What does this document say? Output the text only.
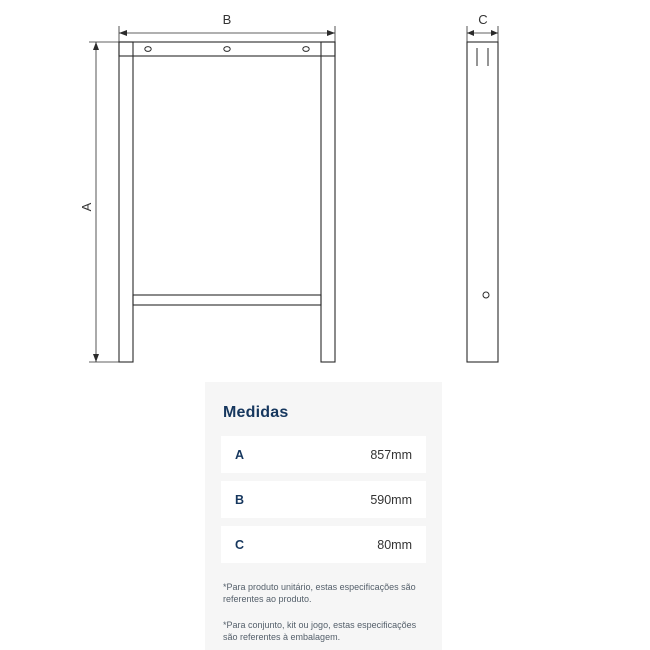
A
B	C
Medidas
A	857mm
B	590mm
C	80mm

*Para produto unitário, estas especificações são referentes ao produto.

*Para conjunto, kit ou jogo, estas especificações são referentes à embalagem.
